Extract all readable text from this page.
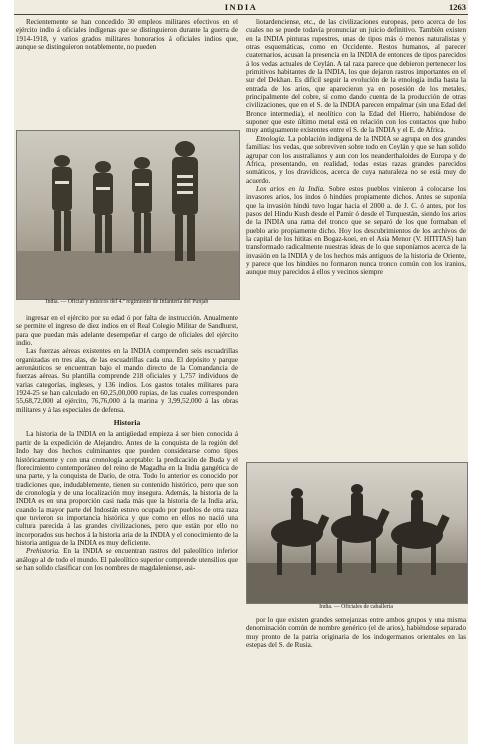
INDIA	1263

Recientemente se han concedido 30 empleos militares efectivos en el ejército indio á oficiales indígenas que se distinguieron durante la guerra de 1914-1918, y varios grados militares honorarios á oficiales indios que, aunque se distinguieron notablemente, no pueden

India. — Oficial y músicos del 4.º regimiento de Infantería del Punjab

ingresar en el ejército por su edad ó por falta de instrucción. Anualmente se permite el ingreso de diez indios en el Real Colegio Militar de Sandhurst, para que puedan más adelante desempeñar el cargo de oficiales del ejército indio.

Las fuerzas aéreas existentes en la INDIA comprenden seis escuadrillas organizadas en tres alas, de las escuadrillas cada una. El depósito y parque aeronáuticos se encuentran bajo el mando directo de la Comandancia de fuerzas aéreas. Su plantilla comprende 218 oficiales y 1,757 individuos de varias categorías, ingleses, y 136 indios. Los gastos totales militares para 1924-25 se han calculado en 60,25,00,000 rupias, de las cuales corresponden 55,68,72,000 al ejército, 76,76,000 á la marina y 3,99,52,000 á las obras militares y á las especiales de defensa.

Historia

La historia de la INDIA en la antigüedad empieza á ser bien conocida á partir de la expedición de Alejandro. Antes de la conquista de la región del Indo hay dos hechos culminantes que pueden considerarse como tipos históricamente y con una cronología aceptable: la predicación de Buda y el florecimiento contemporáneo del reino de Magadha en la India gangética de una parte, y la conquista de Darío, de otra. Todo lo anterior es conocido por tradiciones que, indudablemente, tienen su contenido histórico, pero que son de cronología y de una localización muy insegura. Además, la historia de la INDIA es en una proporción casi nada más que la historia de la India aria, cuando la mayor parte del Indostán estuvo ocupado por pueblos de otra raza que tuvieron su importancia histórica y que como en ellos no nació una cultura parecida á las grandes civilizaciones, pero que están por ello no incorporados sus hechos á la historia aria de la INDIA y el conocimiento de la historia antigua de la INDIA es muy deficiente.

Prehistoria. En la INDIA se encuentran rastros del paleolítico inferior análogo al de todo el mundo. El paleolítico superior comprende utensilios que se han solido clasificar con los nombres de magdaleniense, asi-

liotardenciense, etc., de las civilizaciones europeas, pero acerca de los cuales no se puede todavía pronunciar un juicio definitivo. También existen en la INDIA pinturas rupestres, unas de tipos más ó menos naturalistas y otras esquemáticas, como en Occidente. Restos humanos, al parecer cuaternarios, acusan la presencia en la INDIA de entonces de tipos parecidos á los vedas actuales de Ceylán. A tal raza parece que debieron pertenecer los primitivos habitantes de la INDIA, los que dejaron rastros importantes en el sur del Dekhan. Es difícil seguir la evolución de la etnología india hasta la entrada de los arios, que aparecieron ya en posesión de los metales, principalmente del cobre, si como dando cuenta de la producción de otras civilizaciones, que en el S. de la INDIA parecen empalmar (sin una Edad del Bronce intermedia), el neolítico con la Edad del Hierro, habiéndose de suponer que este último metal está en relación con los contactos que hubo muy antiguamente existentes entre el S. de la INDIA y el E. de Africa.

Etnología. La población indígena de la INDIA se agrupa en dos grandes familias: los vedas, que sobreviven sobre todo en Ceylán y que se han solido agrupar con los australianos y aun con los neanderthaloides de Europa y de Africa, presentando, en realidad, todas estas razas grandes parecidos somáticos, y los dravídicos, acerca de cuya naturaleza no se está muy de acuerdo.

Los arios en la India. Sobre estos pueblos vinieron á colocarse los invasores arios, los indos ó hindúes propiamente dichos. Antes se suponía que la invasión hindú tuvo lugar hacia el 2000 a. de J. C. ó antes, por los pasos del Hindu Kush desde el Pamir ó desde el Turquestán, siendo los arios de la INDIA una rama del tronco que se separó de los que formaban el pueblo ario propiamente dicho. Hoy los descubrimientos de los archivos de la capital de los hititas en Bogaz-koei, en el Asia Menor (V. HITITAS) han transformado radicalmente nuestras ideas de lo que suponíamos acerca de la invasión en la INDIA y de los hechos más antiguos de la historia de Oriente, y parece que los hindúes no formaron nunca tronco común con los iranios, aunque muy parecidos á ellos y vecinos siempre

India. — Oficiales de caballería

por lo que existen grandes semejanzas entre ambos grupos y una misma denominación común de nombre genérico (el de arios), habiéndose separado muy pronto de la patria originaria de los indogermanos orientales en las estepas del S. de Rusia.
